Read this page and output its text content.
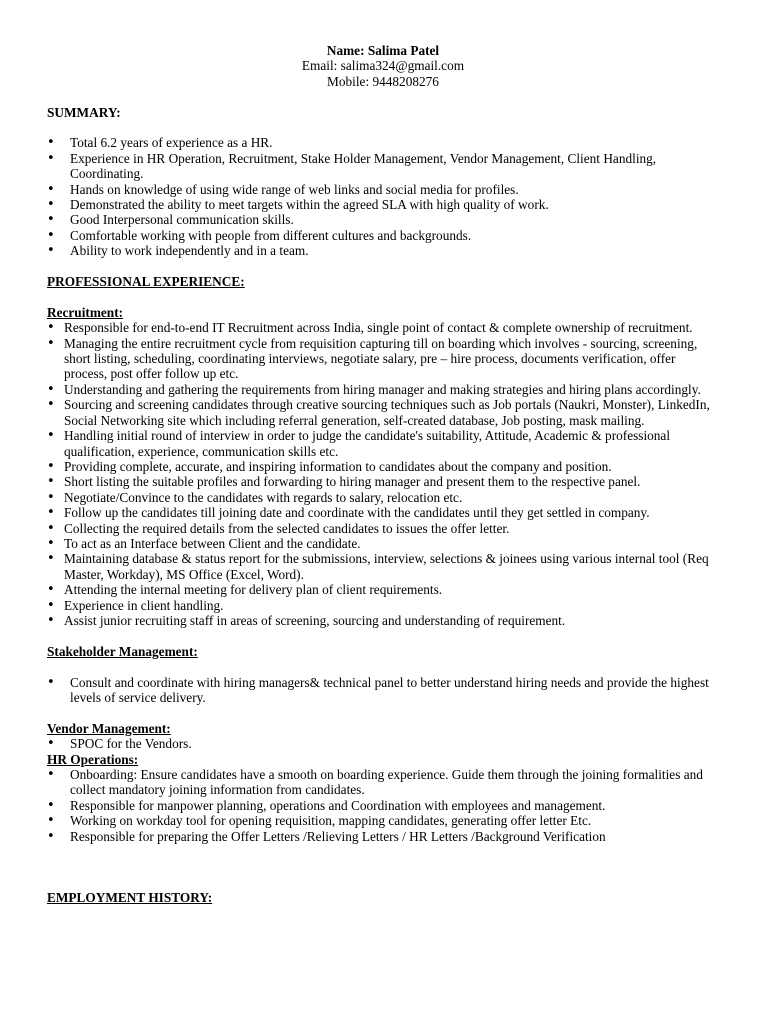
Name: Salima Patel
Email: salima324@gmail.com
Mobile: 9448208276
SUMMARY:
• Total 6.2 years of experience as a HR.
• Experience in HR Operation, Recruitment, Stake Holder Management, Vendor Management, Client Handling, Coordinating.
• Hands on knowledge of using wide range of web links and social media for profiles.
• Demonstrated the ability to meet targets within the agreed SLA with high quality of work.
• Good Interpersonal communication skills.
• Comfortable working with people from different cultures and backgrounds.
• Ability to work independently and in a team.
PROFESSIONAL EXPERIENCE:
Recruitment:
• Responsible for end-to-end IT Recruitment across India, single point of contact & complete ownership of recruitment.
• Managing the entire recruitment cycle from requisition capturing till on boarding which involves - sourcing, screening, short listing, scheduling, coordinating interviews, negotiate salary, pre – hire process, documents verification, offer process, post offer follow up etc.
• Understanding and gathering the requirements from hiring manager and making strategies and hiring plans accordingly.
• Sourcing and screening candidates through creative sourcing techniques such as Job portals (Naukri, Monster), LinkedIn, Social Networking site which including referral generation, self-created database, Job posting, mask mailing.
• Handling initial round of interview in order to judge the candidate's suitability, Attitude, Academic & professional qualification, experience, communication skills etc.
• Providing complete, accurate, and inspiring information to candidates about the company and position.
• Short listing the suitable profiles and forwarding to hiring manager and present them to the respective panel.
• Negotiate/Convince to the candidates with regards to salary, relocation etc.
• Follow up the candidates till joining date and coordinate with the candidates until they get settled in company.
• Collecting the required details from the selected candidates to issues the offer letter.
• To act as an Interface between Client and the candidate.
• Maintaining database & status report for the submissions, interview, selections & joinees using various internal tool (Req Master, Workday), MS Office (Excel, Word).
• Attending the internal meeting for delivery plan of client requirements.
• Experience in client handling.
• Assist junior recruiting staff in areas of screening, sourcing and understanding of requirement.
Stakeholder Management:
• Consult and coordinate with hiring managers& technical panel to better understand hiring needs and provide the highest levels of service delivery.
Vendor Management:
• SPOC for the Vendors.
HR Operations:
• Onboarding: Ensure candidates have a smooth on boarding experience. Guide them through the joining formalities and collect mandatory joining information from candidates.
• Responsible for manpower planning, operations and Coordination with employees and management.
• Working on workday tool for opening requisition, mapping candidates, generating offer letter Etc.
• Responsible for preparing the Offer Letters /Relieving Letters / HR Letters /Background Verification
EMPLOYMENT HISTORY:
